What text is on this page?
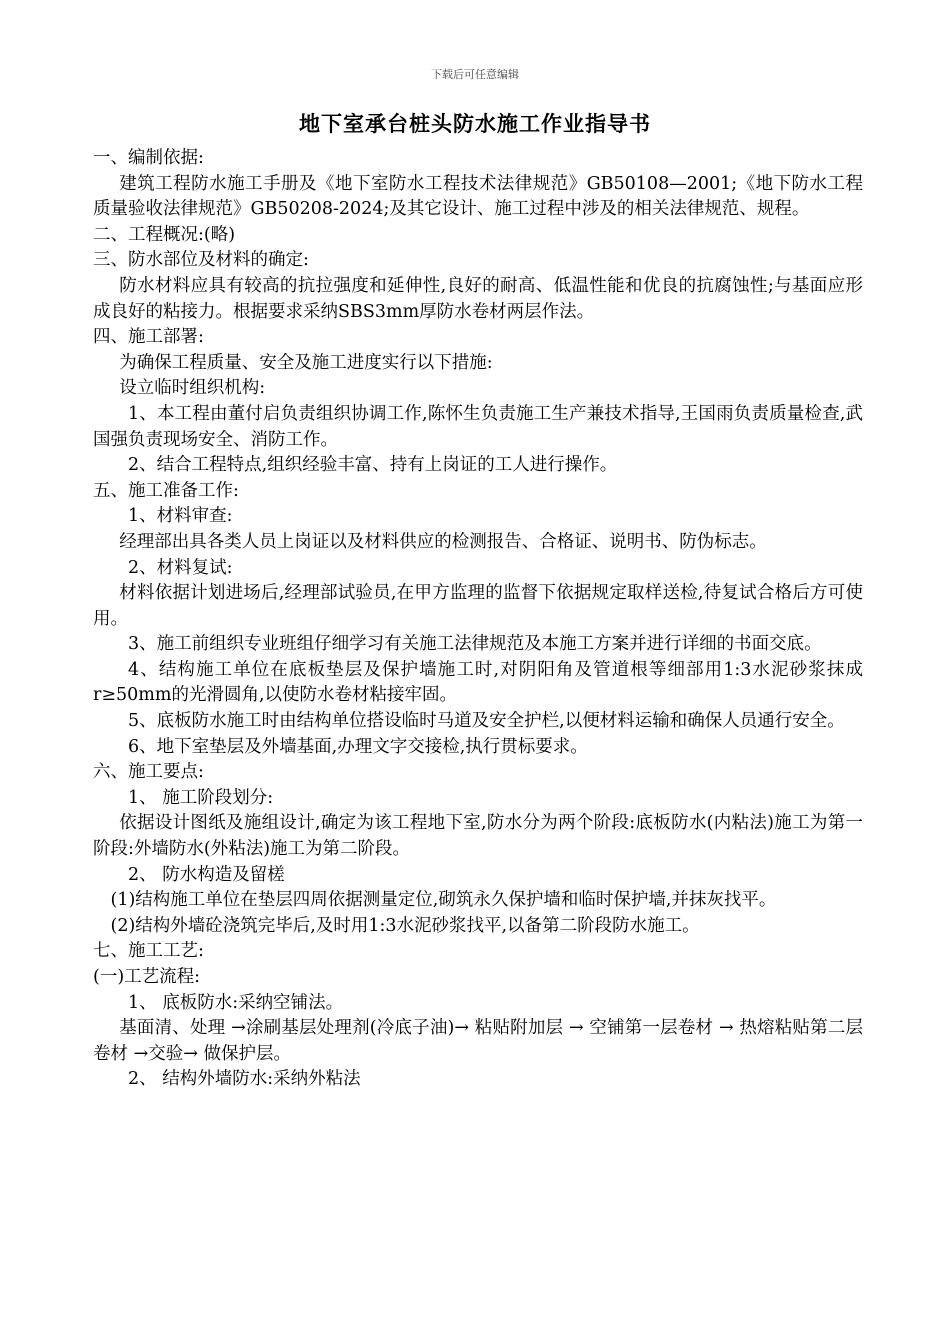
下载后可任意编辑
地下室承台桩头防水施工作业指导书

一、编制依据:

建筑工程防水施工手册及《地下室防水工程技术法律规范》GB50108—2001;《地下防水工程质量验收法律规范》GB50208-2024;及其它设计、施工过程中涉及的相关法律规范、规程。

二、工程概况:(略)

三、防水部位及材料的确定:

防水材料应具有较高的抗拉强度和延伸性,良好的耐高、低温性能和优良的抗腐蚀性;与基面应形成良好的粘接力。根据要求采纳SBS3mm厚防水卷材两层作法。

四、施工部署:

为确保工程质量、安全及施工进度实行以下措施:

设立临时组织机构:

1、本工程由董付启负责组织协调工作,陈怀生负责施工生产兼技术指导,王国雨负责质量检查,武国强负责现场安全、消防工作。

2、结合工程特点,组织经验丰富、持有上岗证的工人进行操作。

五、施工准备工作:

1、材料审查:

经理部出具各类人员上岗证以及材料供应的检测报告、合格证、说明书、防伪标志。

2、材料复试:

材料依据计划进场后,经理部试验员,在甲方监理的监督下依据规定取样送检,待复试合格后方可使用。

3、施工前组织专业班组仔细学习有关施工法律规范及本施工方案并进行详细的书面交底。

4、结构施工单位在底板垫层及保护墙施工时,对阴阳角及管道根等细部用1:3水泥砂浆抹成r≥50mm的光滑圆角,以使防水卷材粘接牢固。

5、底板防水施工时由结构单位搭设临时马道及安全护栏,以便材料运输和确保人员通行安全。

6、地下室垫层及外墙基面,办理文字交接检,执行贯标要求。

六、施工要点:

1、 施工阶段划分:

依据设计图纸及施组设计,确定为该工程地下室,防水分为两个阶段:底板防水(内粘法)施工为第一阶段:外墙防水(外粘法)施工为第二阶段。

2、 防水构造及留槎

(1)结构施工单位在垫层四周依据测量定位,砌筑永久保护墙和临时保护墙,并抹灰找平。

(2)结构外墙砼浇筑完毕后,及时用1:3水泥砂浆找平,以备第二阶段防水施工。

七、施工工艺:

(一)工艺流程:

1、 底板防水:采纳空铺法。

基面清、处理 →涂刷基层处理剂(冷底子油)→ 粘贴附加层 → 空铺第一层卷材 → 热熔粘贴第二层卷材 →交验→ 做保护层。

2、 结构外墙防水:采纳外粘法
